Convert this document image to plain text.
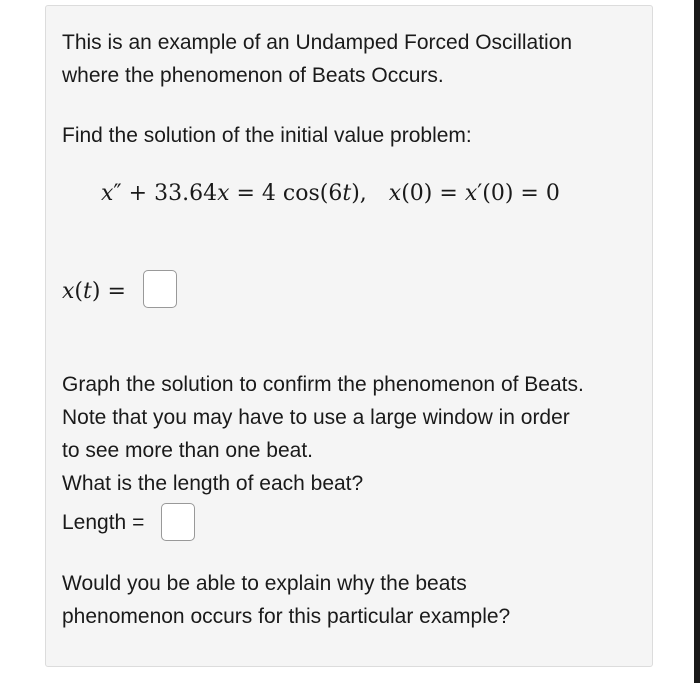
This is an example of an Undamped Forced Oscillation
where the phenomenon of Beats Occurs.
Find the solution of the initial value problem:
x″ + 33.64x = 4 cos(6t), x(0) = x′(0) = 0
x(t) =
Graph the solution to confirm the phenomenon of Beats.
Note that you may have to use a large window in order
to see more than one beat.
What is the length of each beat?
Length =
Would you be able to explain why the beats
phenomenon occurs for this particular example?
